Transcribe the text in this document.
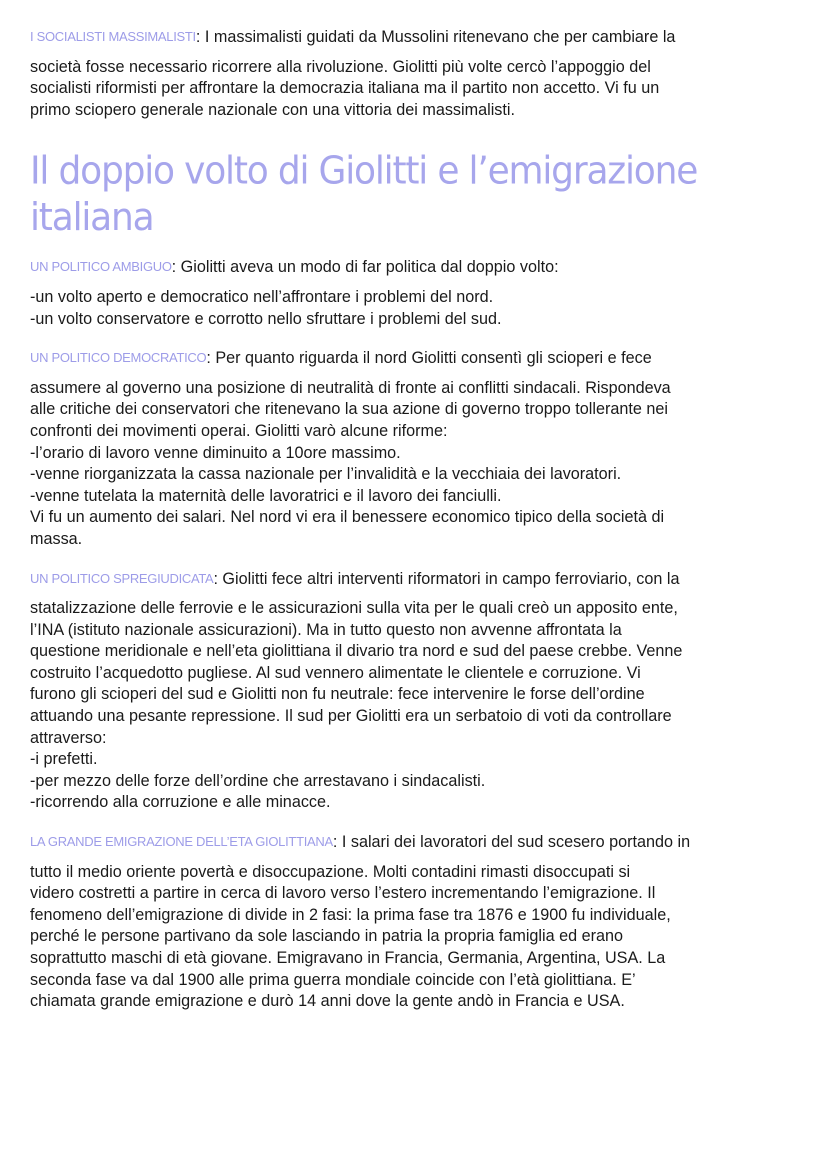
I SOCIALISTI MASSIMALISTI: I massimalisti guidati da Mussolini ritenevano che per cambiare la
società fosse necessario ricorrere alla rivoluzione. Giolitti più volte cercò l’appoggio del
socialisti riformisti per affrontare la democrazia italiana ma il partito non accetto. Vi fu un
primo sciopero generale nazionale con una vittoria dei massimalisti.

Il doppio volto di Giolitti e l’emigrazione italiana

UN POLITICO AMBIGUO: Giolitti aveva un modo di far politica dal doppio volto:
-un volto aperto e democratico nell’affrontare i problemi del nord.
-un volto conservatore e corrotto nello sfruttare i problemi del sud.

UN POLITICO DEMOCRATICO: Per quanto riguarda il nord Giolitti consentì gli scioperi e fece
assumere al governo una posizione di neutralità di fronte ai conflitti sindacali. Rispondeva
alle critiche dei conservatori che ritenevano la sua azione di governo troppo tollerante nei
confronti dei movimenti operai. Giolitti varò alcune riforme:
-l’orario di lavoro venne diminuito a 10ore massimo.
-venne riorganizzata la cassa nazionale per l’invalidità e la vecchiaia dei lavoratori.
-venne tutelata la maternità delle lavoratrici e il lavoro dei fanciulli.
Vi fu un aumento dei salari. Nel nord vi era il benessere economico tipico della società di
massa.

UN POLITICO SPREGIUDICATA: Giolitti fece altri interventi riformatori in campo ferroviario, con la
statalizzazione delle ferrovie e le assicurazioni sulla vita per le quali creò un apposito ente,
l’INA (istituto nazionale assicurazioni). Ma in tutto questo non avvenne affrontata la
questione meridionale e nell’eta giolittiana il divario tra nord e sud del paese crebbe. Venne
costruito l’acquedotto pugliese. Al sud vennero alimentate le clientele e corruzione. Vi
furono gli scioperi del sud e Giolitti non fu neutrale: fece intervenire le forse dell’ordine
attuando una pesante repressione. Il sud per Giolitti era un serbatoio di voti da controllare
attraverso:
-i prefetti.
-per mezzo delle forze dell’ordine che arrestavano i sindacalisti.
-ricorrendo alla corruzione e alle minacce.

LA GRANDE EMIGRAZIONE DELL’ETA GIOLITTIANA: I salari dei lavoratori del sud scesero portando in
tutto il medio oriente povertà e disoccupazione. Molti contadini rimasti disoccupati si
videro costretti a partire in cerca di lavoro verso l’estero incrementando l’emigrazione. Il
fenomeno dell’emigrazione di divide in 2 fasi: la prima fase tra 1876 e 1900 fu individuale,
perché le persone partivano da sole lasciando in patria la propria famiglia ed erano
soprattutto maschi di età giovane. Emigravano in Francia, Germania, Argentina, USA. La
seconda fase va dal 1900 alle prima guerra mondiale coincide con l’età giolittiana. E’
chiamata grande emigrazione e durò 14 anni dove la gente andò in Francia e USA.
